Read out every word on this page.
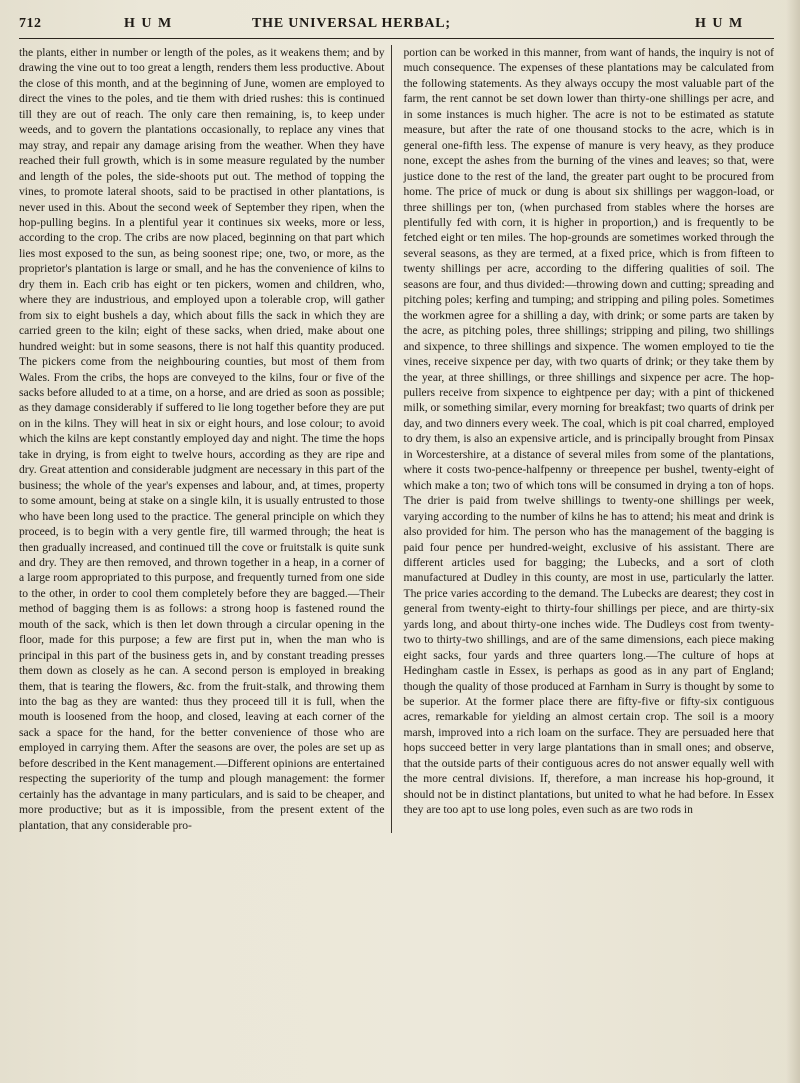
712	H U M	THE UNIVERSAL HERBAL;	H U M

the plants, either in number or length of the poles, as it weakens them; and by drawing the vine out to too great a length, renders them less productive. About the close of this month, and at the beginning of June, women are employed to direct the vines to the poles, and tie them with dried rushes: this is continued till they are out of reach. The only care then remaining, is, to keep under weeds, and to govern the plantations occasionally, to replace any vines that may stray, and repair any damage arising from the weather. When they have reached their full growth, which is in some measure regulated by the number and length of the poles, the side-shoots put out. The method of topping the vines, to promote lateral shoots, said to be practised in other plantations, is never used in this. About the second week of September they ripen, when the hop-pulling begins. In a plentiful year it continues six weeks, more or less, according to the crop. The cribs are now placed, beginning on that part which lies most exposed to the sun, as being soonest ripe; one, two, or more, as the proprietor's plantation is large or small, and he has the convenience of kilns to dry them in. Each crib has eight or ten pickers, women and children, who, where they are industrious, and employed upon a tolerable crop, will gather from six to eight bushels a day, which about fills the sack in which they are carried green to the kiln; eight of these sacks, when dried, make about one hundred weight: but in some seasons, there is not half this quantity produced. The pickers come from the neighbouring counties, but most of them from Wales. From the cribs, the hops are conveyed to the kilns, four or five of the sacks before alluded to at a time, on a horse, and are dried as soon as possible; as they damage considerably if suffered to lie long together before they are put on in the kilns. They will heat in six or eight hours, and lose colour; to avoid which the kilns are kept constantly employed day and night. The time the hops take in drying, is from eight to twelve hours, according as they are ripe and dry. Great attention and considerable judgment are necessary in this part of the business; the whole of the year's expenses and labour, and, at times, property to some amount, being at stake on a single kiln, it is usually entrusted to those who have been long used to the practice. The general principle on which they proceed, is to begin with a very gentle fire, till warmed through; the heat is then gradually increased, and continued till the cove or fruitstalk is quite sunk and dry. They are then removed, and thrown together in a heap, in a corner of a large room appropriated to this purpose, and frequently turned from one side to the other, in order to cool them completely before they are bagged.—Their method of bagging them is as follows: a strong hoop is fastened round the mouth of the sack, which is then let down through a circular opening in the floor, made for this purpose; a few are first put in, when the man who is principal in this part of the business gets in, and by constant treading presses them down as closely as he can. A second person is employed in breaking them, that is tearing the flowers, &c. from the fruit-stalk, and throwing them into the bag as they are wanted: thus they proceed till it is full, when the mouth is loosened from the hoop, and closed, leaving at each corner of the sack a space for the hand, for the better convenience of those who are employed in carrying them. After the seasons are over, the poles are set up as before described in the Kent management.—Different opinions are entertained respecting the superiority of the tump and plough management: the former certainly has the advantage in many particulars, and is said to be cheaper, and more productive; but as it is impossible, from the present extent of the plantation, that any considerable pro-

portion can be worked in this manner, from want of hands, the inquiry is not of much consequence. The expenses of these plantations may be calculated from the following statements. As they always occupy the most valuable part of the farm, the rent cannot be set down lower than thirty-one shillings per acre, and in some instances is much higher. The acre is not to be estimated as statute measure, but after the rate of one thousand stocks to the acre, which is in general one-fifth less. The expense of manure is very heavy, as they produce none, except the ashes from the burning of the vines and leaves; so that, were justice done to the rest of the land, the greater part ought to be procured from home. The price of muck or dung is about six shillings per waggon-load, or three shillings per ton, (when purchased from stables where the horses are plentifully fed with corn, it is higher in proportion,) and is frequently to be fetched eight or ten miles. The hop-grounds are sometimes worked through the several seasons, as they are termed, at a fixed price, which is from fifteen to twenty shillings per acre, according to the differing qualities of soil. The seasons are four, and thus divided:—throwing down and cutting; spreading and pitching poles; kerfing and tumping; and stripping and piling poles. Sometimes the workmen agree for a shilling a day, with drink; or some parts are taken by the acre, as pitching poles, three shillings; stripping and piling, two shillings and sixpence, to three shillings and sixpence. The women employed to tie the vines, receive sixpence per day, with two quarts of drink; or they take them by the year, at three shillings, or three shillings and sixpence per acre. The hop-pullers receive from sixpence to eightpence per day; with a pint of thickened milk, or something similar, every morning for breakfast; two quarts of drink per day, and two dinners every week. The coal, which is pit coal charred, employed to dry them, is also an expensive article, and is principally brought from Pinsax in Worcestershire, at a distance of several miles from some of the plantations, where it costs two-pence-halfpenny or threepence per bushel, twenty-eight of which make a ton; two of which tons will be consumed in drying a ton of hops. The drier is paid from twelve shillings to twenty-one shillings per week, varying according to the number of kilns he has to attend; his meat and drink is also provided for him. The person who has the management of the bagging is paid four pence per hundred-weight, exclusive of his assistant. There are different articles used for bagging; the Lubecks, and a sort of cloth manufactured at Dudley in this county, are most in use, particularly the latter. The price varies according to the demand. The Lubecks are dearest; they cost in general from twenty-eight to thirty-four shillings per piece, and are thirty-six yards long, and about thirty-one inches wide. The Dudleys cost from twenty-two to thirty-two shillings, and are of the same dimensions, each piece making eight sacks, four yards and three quarters long.—The culture of hops at Hedingham castle in Essex, is perhaps as good as in any part of England; though the quality of those produced at Farnham in Surry is thought by some to be superior. At the former place there are fifty-five or fifty-six contiguous acres, remarkable for yielding an almost certain crop. The soil is a moory marsh, improved into a rich loam on the surface. They are persuaded here that hops succeed better in very large plantations than in small ones; and observe, that the outside parts of their contiguous acres do not answer equally well with the more central divisions. If, therefore, a man increase his hop-ground, it should not be in distinct plantations, but united to what he had before. In Essex they are too apt to use long poles, even such as are two rods in
